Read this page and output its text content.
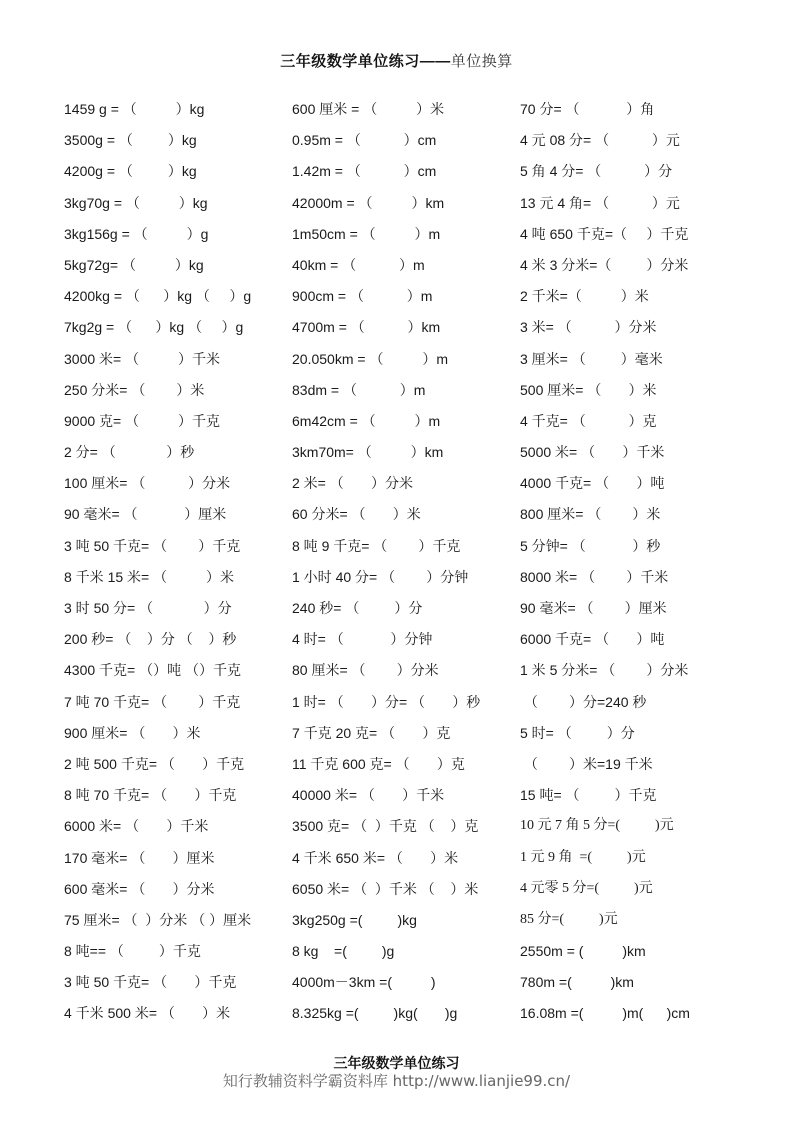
三年级数学单位练习——单位换算
1459 g = （          ）kg	600 厘米 = （          ）米	70 分= （            ）角
3500g = （         ）kg	0.95m = （           ）cm	4 元 08 分= （           ）元
4200g = （         ）kg	1.42m = （           ）cm	5 角 4 分= （           ）分
3kg70g = （          ）kg	42000m = （          ）km	13 元 4 角= （           ）元
3kg156g = （          ）g	1m50cm = （          ）m	4 吨 650 千克=（     ）千克
5kg72g= （          ）kg	40km = （           ）m	4 米 3 分米=（         ）分米
4200kg = （      ）kg （     ）g	900cm = （           ）m	2 千米=（          ）米
7kg2g = （      ）kg （     ）g	4700m = （           ）km	3 米= （           ）分米
3000 米= （          ）千米	20.050km = （          ）m	3 厘米= （         ）毫米
250 分米= （        ）米	83dm = （           ）m	500 厘米= （       ）米
9000 克= （          ）千克	6m42cm = （          ）m	4 千克= （           ）克
2 分= （             ）秒	3km70m= （          ）km	5000 米= （       ）千米
100 厘米= （           ）分米	2 米= （       ）分米	4000 千克= （       ）吨
90 毫米= （            ）厘米	60 分米= （       ）米	800 厘米= （        ）米
3 吨 50 千克= （        ）千克	8 吨 9 千克= （        ）千克	5 分钟= （            ）秒
8 千米 15 米= （          ）米	1 小时 40 分= （        ）分钟	8000 米= （        ）千米
3 时 50 分= （             ）分	240 秒= （         ）分	90 毫米= （        ）厘米
200 秒= （    ）分 （    ）秒	4 时= （            ）分钟	6000 千克= （       ）吨
4300 千克= （）吨 （）千克	80 厘米= （        ）分米	1 米 5 分米= （        ）分米
7 吨 70 千克= （        ）千克	1 时= （       ）分= （       ）秒	（        ）分=240 秒
900 厘米= （       ）米	7 千克 20 克= （       ）克	5 时= （         ）分
2 吨 500 千克= （       ）千克	11 千克 600 克= （       ）克	（        ）米=19 千米
8 吨 70 千克= （       ）千克	40000 米= （       ）千米	15 吨= （         ）千克
6000 米= （       ）千米	3500 克= （  ）千克 （    ）克	10 元 7 角 5 分=(          )元
170 毫米= （       ）厘米	4 千米 650 米= （       ）米	1 元 9 角  =(          )元
600 毫米= （       ）分米	6050 米= （  ）千米 （    ）米	4 元零 5 分=(          )元
75 厘米= （  ）分米 （ ）厘米	3kg250g =(         )kg	85 分=(          )元
8 吨== （         ）千克	8 kg    =(         )g	2550m = (          )km
3 吨 50 千克= （       ）千克	4000m－3km =(          )	780m =(          )km
4 千米 500 米= （       ）米	8.325kg =(         )kg(       )g	16.08m =(          )m(      )cm
三年级数学单位练习
知行教辅资料学霸资料库 http://www.lianjie99.cn/
